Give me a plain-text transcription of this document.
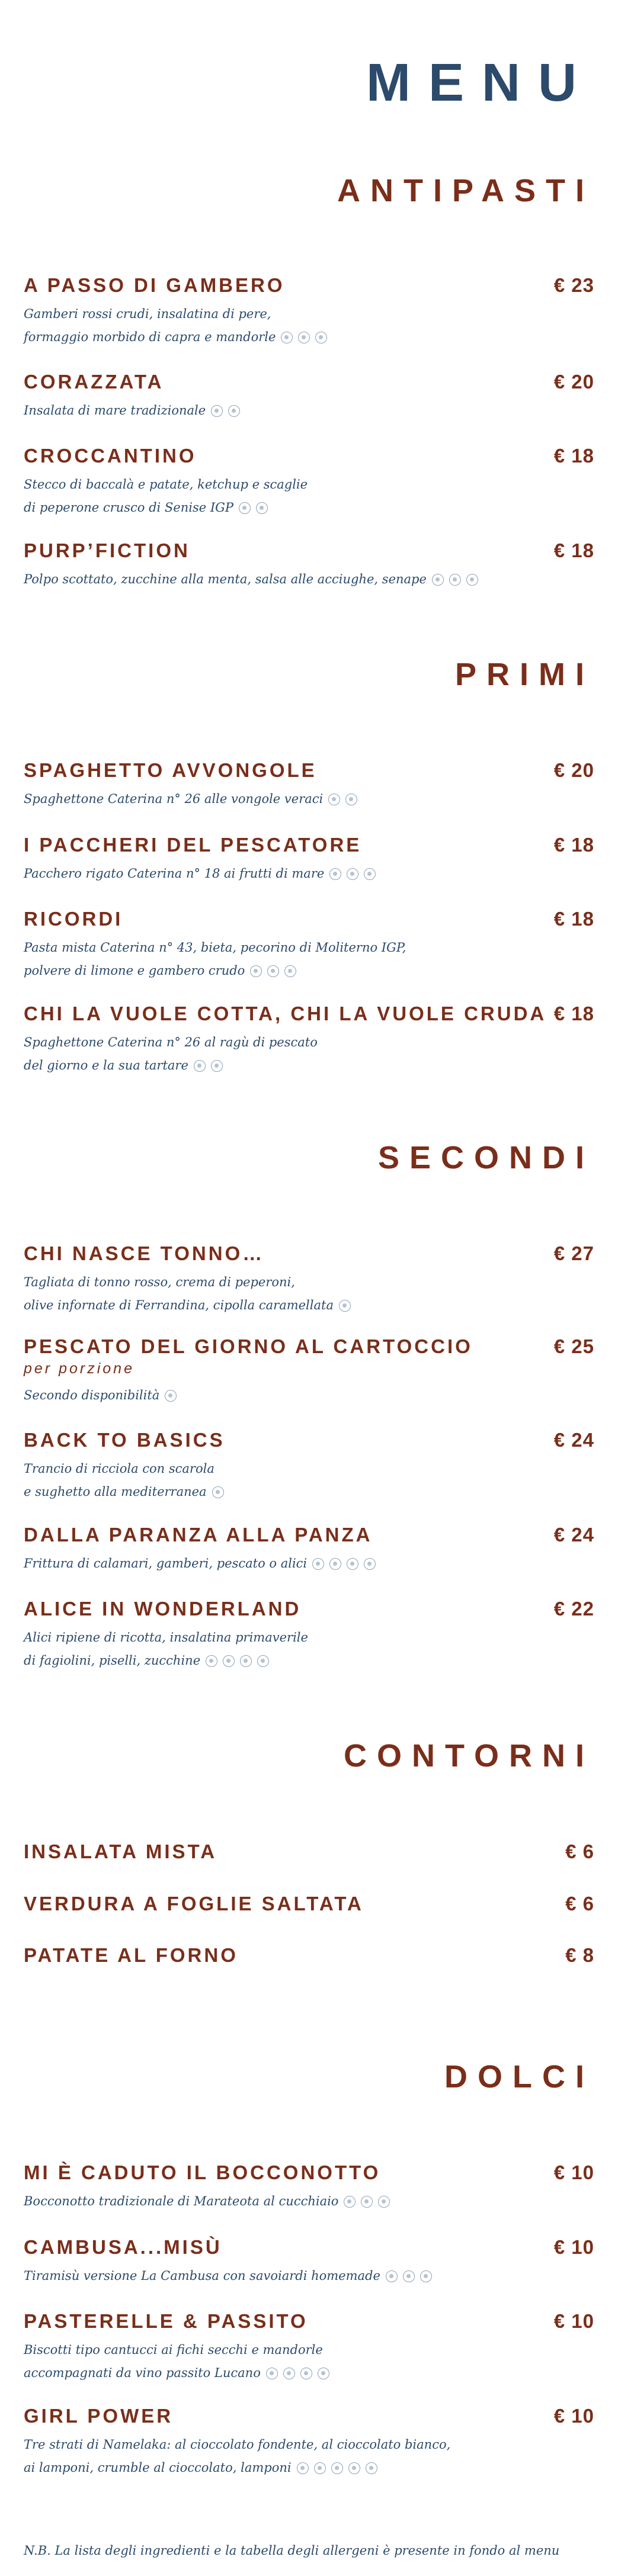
MENU
ANTIPASTI
A PASSO DI GAMBERO	€ 23
Gamberi rossi crudi, insalatina di pere,
formaggio morbido di capra e mandorle
CORAZZATA	€ 20
Insalata di mare tradizionale
CROCCANTINO	€ 18
Stecco di baccalà e patate, ketchup e scaglie
di peperone crusco di Senise IGP
PURP’FICTION	€ 18
Polpo scottato, zucchine alla menta, salsa alle acciughe, senape
PRIMI
SPAGHETTO AVVONGOLE	€ 20
Spaghettone Caterina n° 26 alle vongole veraci
I PACCHERI DEL PESCATORE	€ 18
Pacchero rigato Caterina n° 18 ai frutti di mare
RICORDI	€ 18
Pasta mista Caterina n° 43, bieta, pecorino di Moliterno IGP,
polvere di limone e gambero crudo
CHI LA VUOLE COTTA, CHI LA VUOLE CRUDA € 18
Spaghettone Caterina n° 26 al ragù di pescato
del giorno e la sua tartare
SECONDI
CHI NASCE TONNO…	€ 27
Tagliata di tonno rosso, crema di peperoni,
olive infornate di Ferrandina, cipolla caramellata
PESCATO DEL GIORNO AL CARTOCCIO	€ 25
per porzione
Secondo disponibilità
BACK TO BASICS	€ 24
Trancio di ricciola con scarola
e sughetto alla mediterranea
DALLA PARANZA ALLA PANZA	€ 24
Frittura di calamari, gamberi, pescato o alici
ALICE IN WONDERLAND	€ 22
Alici ripiene di ricotta, insalatina primaverile
di fagiolini, piselli, zucchine
CONTORNI
INSALATA MISTA	€ 6
VERDURA A FOGLIE SALTATA	€ 6
PATATE AL FORNO	€ 8
DOLCI
MI È CADUTO IL BOCCONOTTO	€ 10
Bocconotto tradizionale di Marateota al cucchiaio
CAMBUSA...MISÙ	€ 10
Tiramisù versione La Cambusa con savoiardi homemade
PASTERELLE & PASSITO	€ 10
Biscotti tipo cantucci ai fichi secchi e mandorle
accompagnati da vino passito Lucano
GIRL POWER	€ 10
Tre strati di Namelaka: al cioccolato fondente, al cioccolato bianco,
ai lamponi, crumble al cioccolato, lamponi

N.B. La lista degli ingredienti e la tabella degli allergeni è presente in fondo al menu
